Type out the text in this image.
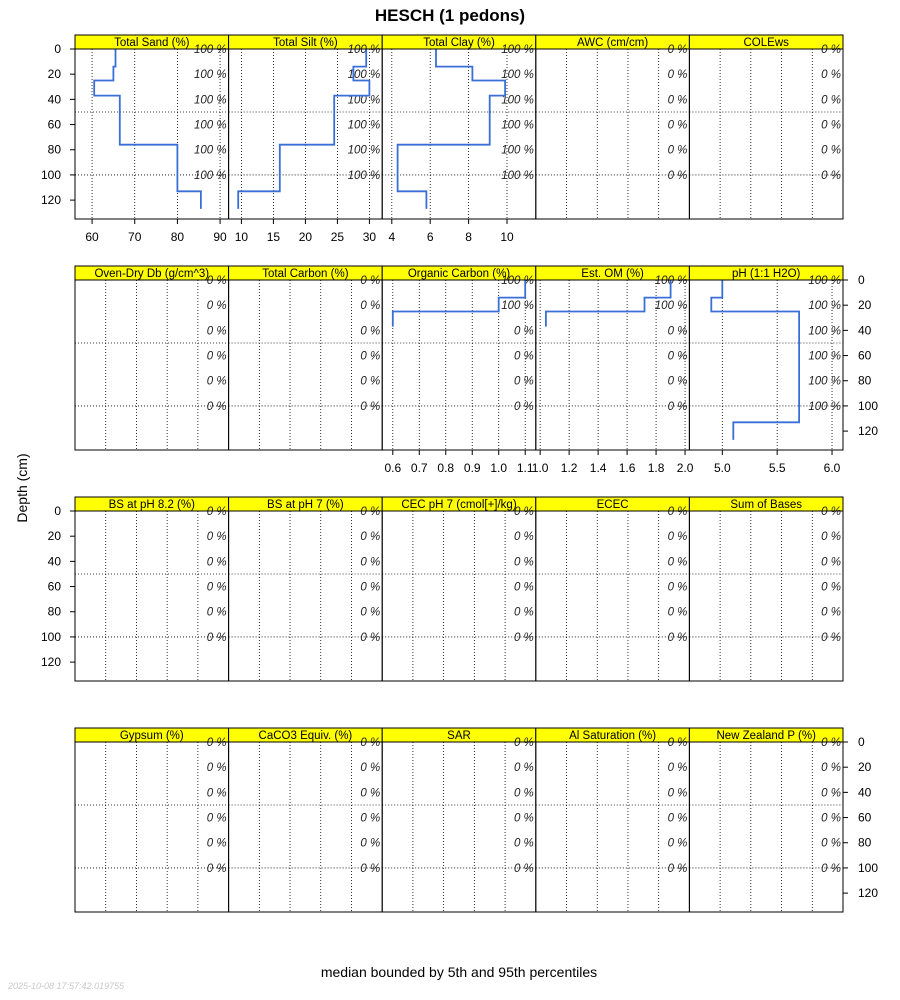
HESCH (1 pedons)
Depth (cm)
median bounded by 5th and 95th percentiles
2025-10-08 17:57:42.019755
0
20
40
60
80
100
120
Total Sand (%)
100 %
100 %
100 %
100 %
100 %
100 %
60 70 80 90
Total Silt (%)
100 %
100 %
100 %
100 %
100 %
100 %
10 15 20 25 30
Total Clay (%)
100 %
100 %
100 %
100 %
100 %
100 %
4	6	8 10
AWC (cm/cm)
0 %
0 %
0 %
0 %
0 %
0 %
COLEws
0 %
0 %
0 %
0 %
0 %
0 %
0
20
40
60
80
100
120
Oven-Dry Db (g/cm^3)
0 %
0 %
0 %
0 %
0 %
0 %
Total Carbon (%)
0 %
0 %
0 %
0 %
0 %
0 %
Organic Carbon (%)
100 %
100 %
0 %
0 %
0 %
0 %
0.6 0.7 0.8 0.9 1.0 1.1
Est. OM (%)
100 %
100 %
0 %
0 %
0 %
0 %
1.0 1.2 1.4 1.6 1.8 2.0
pH (1:1 H2O)
100 %
100 %
100 %
100 %
100 %
100 %
5.0	5.5	6.0
0
20
40
60
80
100
120
BS at pH 8.2 (%)
0 %
0 %
0 %
0 %
0 %
0 %
BS at pH 7 (%)
0 %
0 %
0 %
0 %
0 %
0 %
CEC pH 7 (cmol[+]/kg)
0 %
0 %
0 %
0 %
0 %
0 %
ECEC
0 %
0 %
0 %
0 %
0 %
0 %
Sum of Bases
0 %
0 %
0 %
0 %
0 %
0 %
0
20
40
60
80
100
120
Gypsum (%)
0 %
0 %
0 %
0 %
0 %
0 %
CaCO3 Equiv. (%)
0 %
0 %
0 %
0 %
0 %
0 %
SAR
0 %
0 %
0 %
0 %
0 %
0 %
Al Saturation (%)
0 %
0 %
0 %
0 %
0 %
0 %
New Zealand P (%)
0 %
0 %
0 %
0 %
0 %
0 %
